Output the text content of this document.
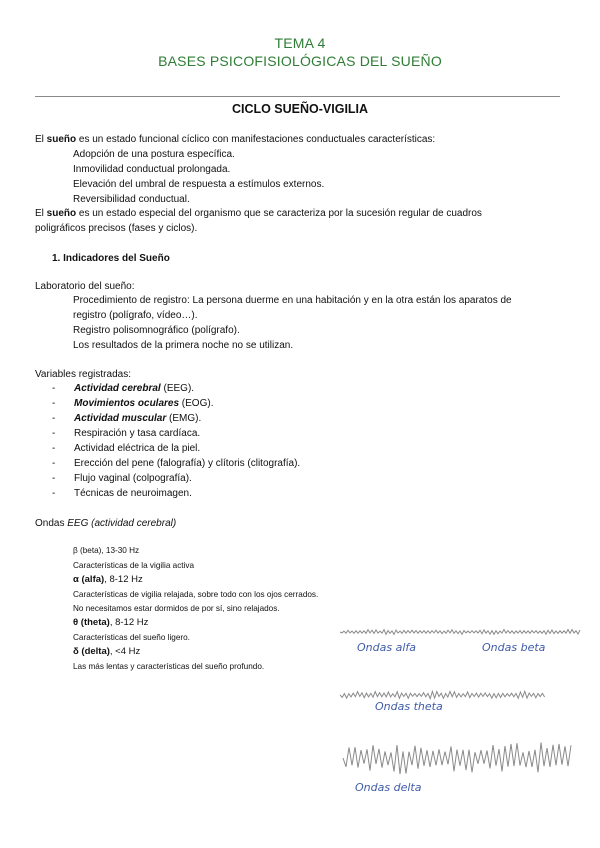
TEMA 4
BASES PSICOFISIOLÓGICAS DEL SUEÑO
CICLO SUEÑO-VIGILIA
El sueño es un estado funcional cíclico con manifestaciones conductuales características:
Adopción de una postura específica.
Inmovilidad conductual prolongada.
Elevación del umbral de respuesta a estímulos externos.
Reversibilidad conductual.
El sueño es un estado especial del organismo que se caracteriza por la sucesión regular de cuadros
poligráficos precisos (fases y ciclos).
1. Indicadores del Sueño
Laboratorio del sueño:
Procedimiento de registro: La persona duerme en una habitación y en la otra están los aparatos de
registro (polígrafo, vídeo…).
Registro polisomnográfico (polígrafo).
Los resultados de la primera noche no se utilizan.
Variables registradas:
- Actividad cerebral (EEG).
- Movimientos oculares (EOG).
- Actividad muscular (EMG).
- Respiración y tasa cardíaca.
- Actividad eléctrica de la piel.
- Erección del pene (falografía) y clítoris (clitografía).
- Flujo vaginal (colpografía).
- Técnicas de neuroimagen.
Ondas EEG (actividad cerebral)
β (beta), 13-30 Hz
Características de la vigilia activa
α (alfa), 8-12 Hz
Características de vigilia relajada, sobre todo con los ojos cerrados.
No necesitamos estar dormidos de por sí, sino relajados.
θ (theta), 8-12 Hz
Características del sueño ligero.
δ (delta), <4 Hz
Las más lentas y características del sueño profundo.
Ondas alfa	Ondas beta
Ondas theta
Ondas delta
